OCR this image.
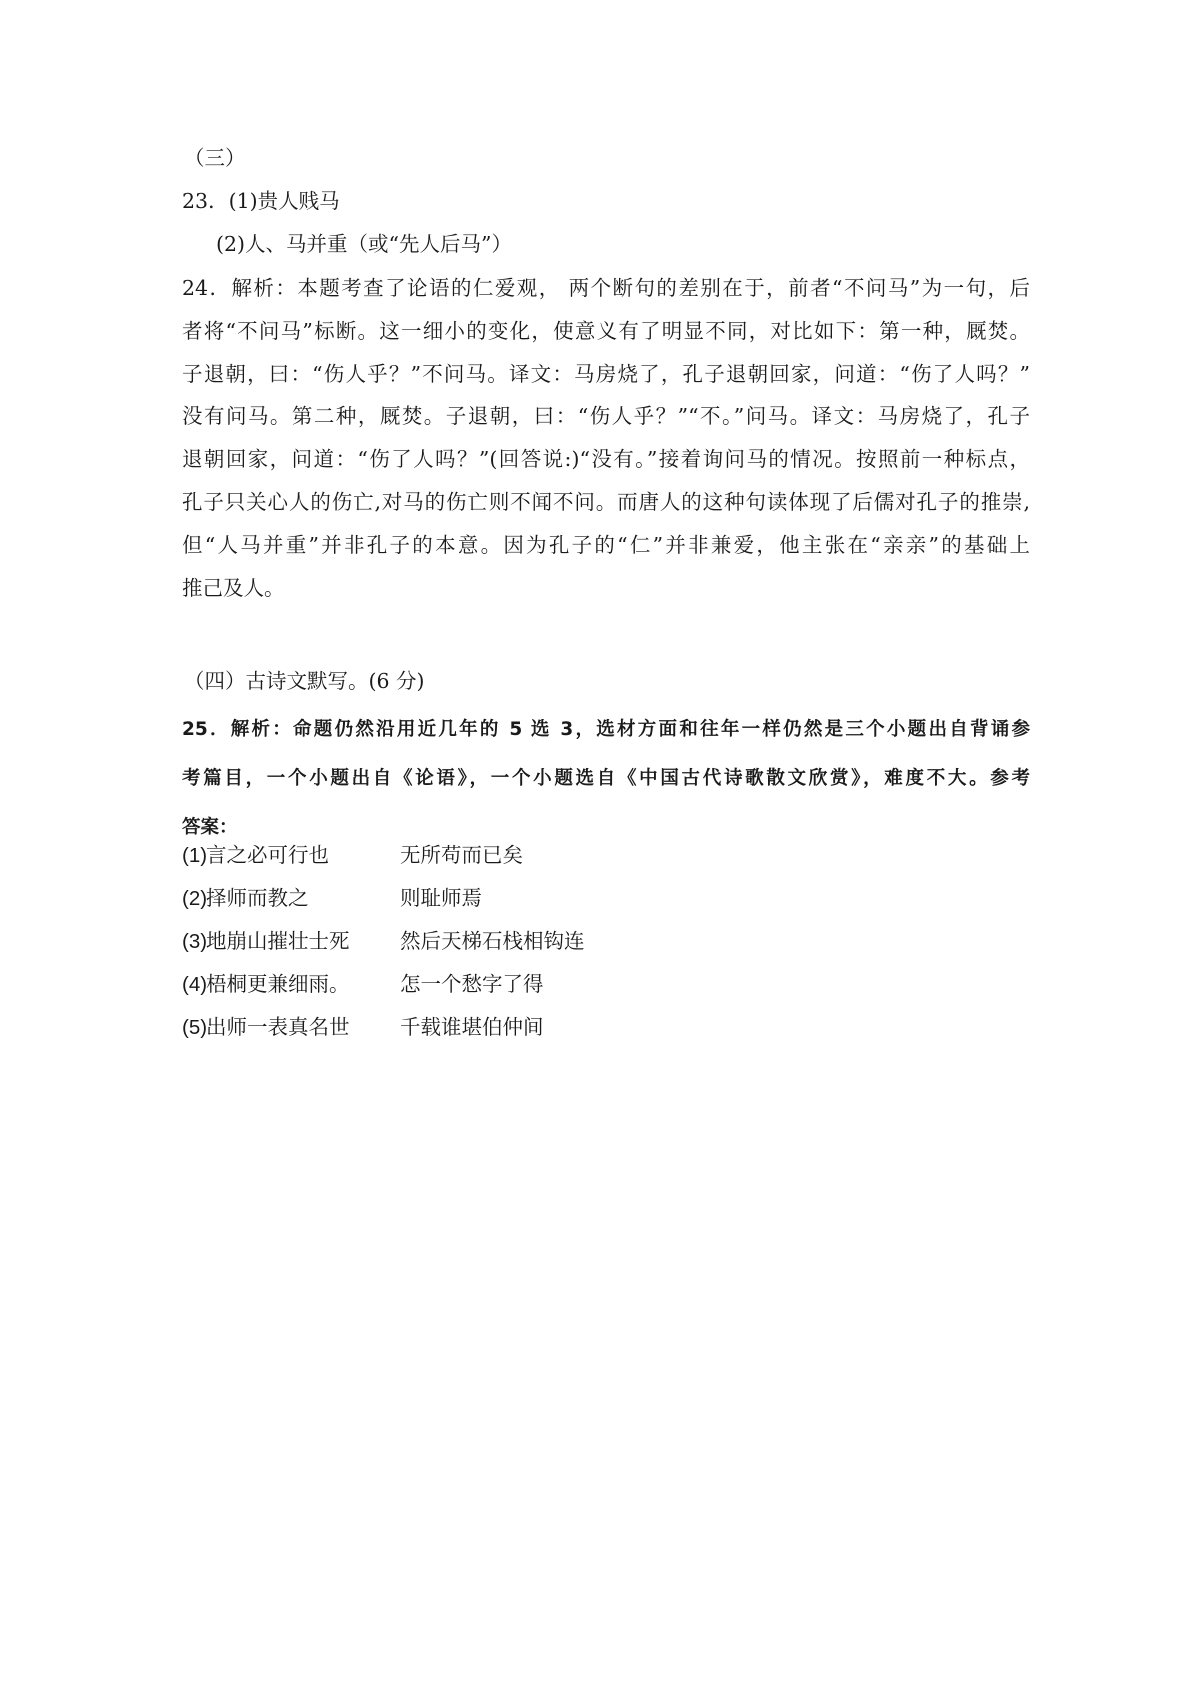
（三）
23．(1)贵人贱马
(2)人、马并重（或“先人后马”）
24．解析：本题考查了论语的仁爱观， 两个断句的差别在于，前者“不问马”为一句，后
者将“不问马”标断。这一细小的变化，使意义有了明显不同，对比如下：第一种，厩焚。
子退朝，曰：“伤人乎？”不问马。译文：马房烧了，孔子退朝回家，问道：“伤了人吗？”
没有问马。第二种，厩焚。子退朝，曰：“伤人乎？”“不。”问马。译文：马房烧了，孔子
退朝回家，问道：“伤了人吗？”(回答说:)“没有。”接着询问马的情况。按照前一种标点，
孔子只关心人的伤亡,对马的伤亡则不闻不问。而唐人的这种句读体现了后儒对孔子的推崇,
但“人马并重”并非孔子的本意。因为孔子的“仁”并非兼爱，他主张在“亲亲”的基础上
推己及人。
（四）古诗文默写。(6 分)
25．解析：命题仍然沿用近几年的 5 选 3，选材方面和往年一样仍然是三个小题出自背诵参
考篇目，一个小题出自《论语》，一个小题选自《中国古代诗歌散文欣赏》，难度不大。参考
答案：
(1)
言之必可行也	无所苟而已矣
(2)
择师而教之	则耻师焉
(3)
地崩山摧壮士死 然后天梯石栈相钩连
(4)
梧桐更兼细雨。 怎一个愁字了得
(5)
出师一表真名世 千载谁堪伯仲间
